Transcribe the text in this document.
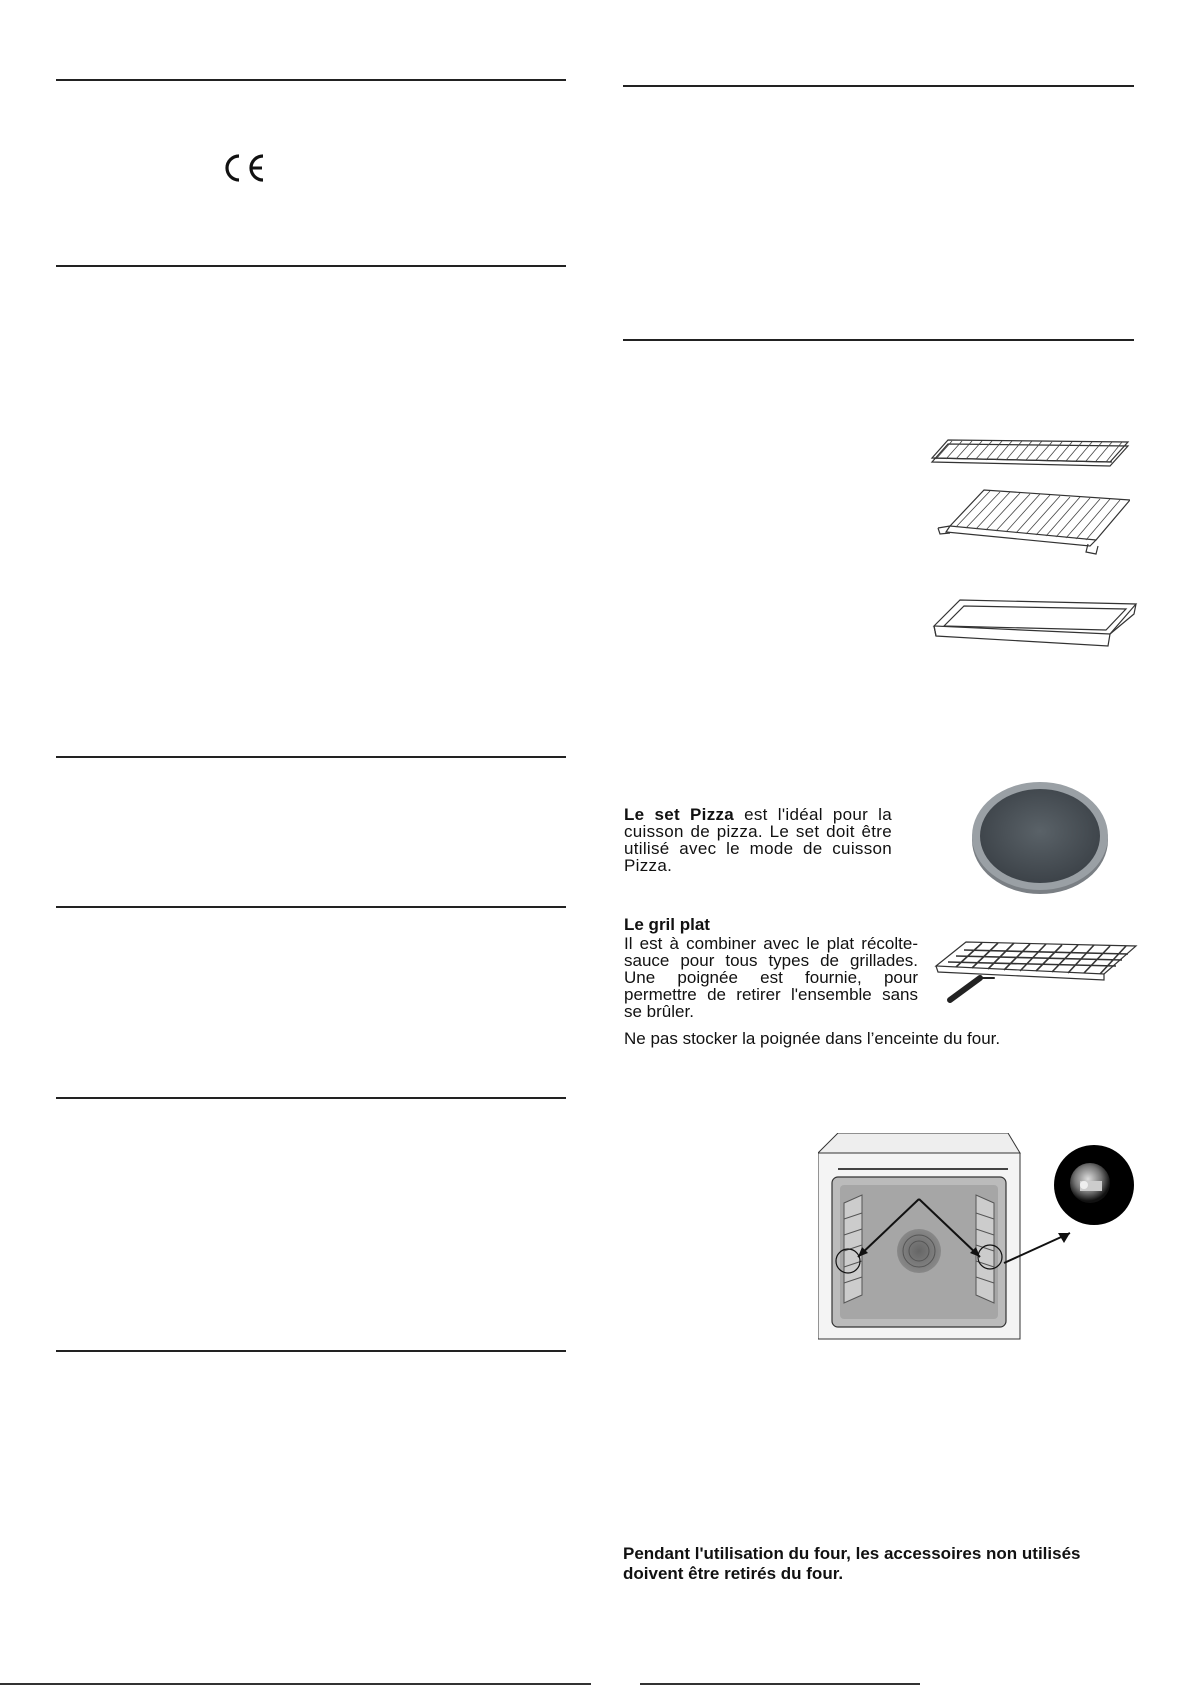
Le set Pizza est l'idéal pour la cuisson de pizza. Le set doit être utilisé avec le mode de cuisson Pizza.
Le gril plat
Il est à combiner avec le plat récolte-sauce pour tous types de grillades. Une poignée est fournie, pour permettre de retirer l'ensemble sans se brûler.
Ne pas stocker la poignée dans l’enceinte du four.
Pendant l'utilisation du four, les accessoires non utilisés doivent être retirés du four.
